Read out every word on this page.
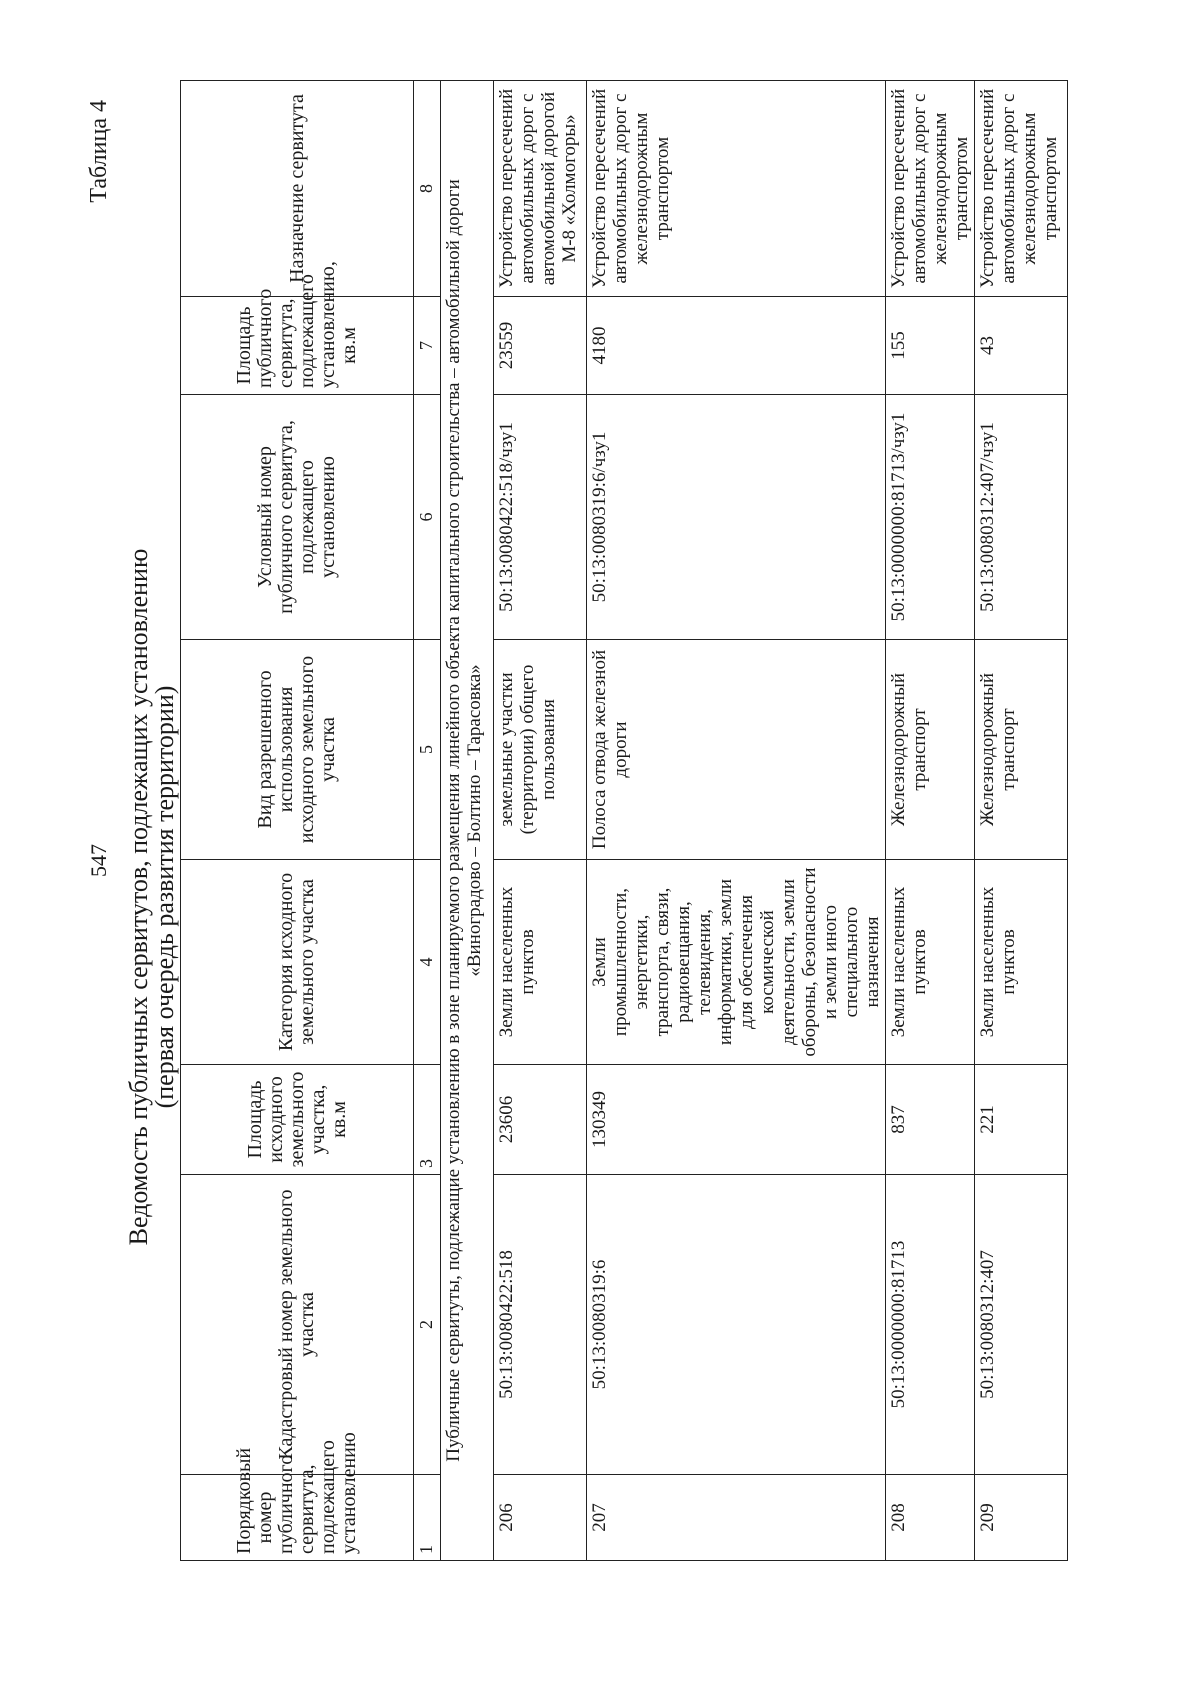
Таблица 4
547 Ведомость публичных сервитутов, подлежащих установлению
(первая очередь развития территории)
Порядковый номер публичного сервитута, подлежащего установлению	Кадастровый номер земельного участка	Площадь исходного земельного участка, кв.м	Категория исходного земельного участка	Вид разрешенного использования исходного земельного участка	Условный номер публичного сервитута, подлежащего установлению	Площадь публичного сервитута, подлежащего установлению, кв.м	Назначение сервитута
1	2	3	4	5	6	7	8

Публичные сервитуты, подлежащие установлению в зоне планируемого размещения линейного объекта капитального строительства – автомобильной дороги «Виноградово – Болтино – Тарасовка»							

206	50:13:0080422:518	23606	Земли населенных пунктов	земельные участки (территории) общего пользования	50:13:0080422:518/чзу1	23559	Устройство пересечений автомобильных дорог с автомобильной дорогой М-8 «Холмогоры»
207	50:13:0080319:6	130349	Земли промышленности, энергетики, транспорта, связи, радиовещания, телевидения, информатики, земли для обеспечения космической деятельности, земли обороны, безопасности и земли иного специального назначения	Полоса отвода железной дороги	50:13:0080319:6/чзу1	4180	Устройство пересечений автомобильных дорог с железнодорожным транспортом
208	50:13:0000000:81713	837	Земли населенных пунктов	Железнодорожный транспорт	50:13:0000000:81713/чзу1	155	Устройство пересечений автомобильных дорог с железнодорожным транспортом
209	50:13:0080312:407	221	Земли населенных пунктов	Железнодорожный транспорт	50:13:0080312:407/чзу1	43	Устройство пересечений автомобильных дорог с железнодорожным транспортом
